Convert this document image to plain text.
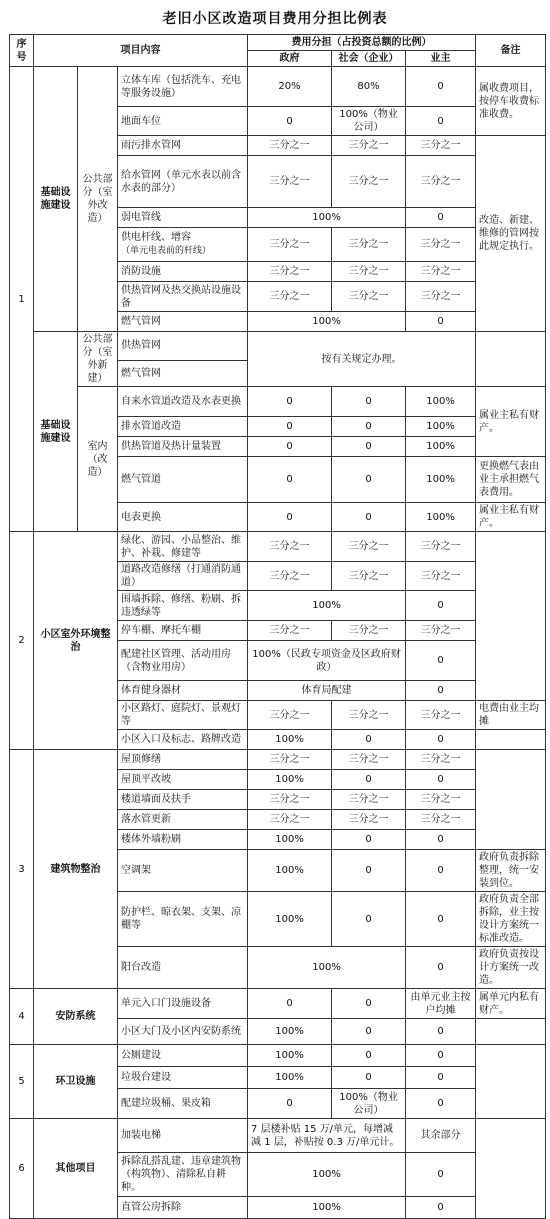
老旧小区改造项目费用分担比例表
序号	项目内容			费用分担（占投资总额的比例）			备注
				政府	社会（企业）	业主	
1	基础设施建设	公共部分（室外改造）	立体车库（包括洗车、充电等服务设施）	20%	80%	0	属收费项目，按停车收费标准收费。
			地面车位	0	100%（物业公司）	0	
			雨污排水管网	三分之一	三分之一	三分之一	改造、新建、维修的管网按此规定执行。
			给水管网（单元水表以前含水表的部分）	三分之一	三分之一	三分之一	
			弱电管线	100%		0	
			供电杆线、增容
（单元电表前的杆线）	三分之一	三分之一	三分之一	
			消防设施	三分之一	三分之一	三分之一	
			供热管网及热交换站设施设备	三分之一	三分之一	三分之一	
			燃气管网	100%		0	
	基础设施建设	公共部分（室外新建）	供热管网	按有关规定办理。			
			燃气管网				
		室内（改造）	自来水管道改造及水表更换	0	0	100%	属业主私有财产。
			排水管道改造	0	0	100%	
			供热管道及热计量装置	0	0	100%	
			燃气管道	0	0	100%	更换燃气表由业主承担燃气表费用。
			电表更换	0	0	100%	属业主私有财产。
2	小区室外环境整治		绿化、游园、小品整治、维护、补栽、修建等	三分之一	三分之一	三分之一	
			道路改造修缮（打通消防通道）	三分之一	三分之一	三分之一	
			围墙拆除、修缮、粉刷、拆违透绿等	100%		0	
			停车棚、摩托车棚	三分之一	三分之一	三分之一	
			配建社区管理、活动用房（含物业用房）	100%（民政专项资金及区政府财政）		0	
			体育健身器材	体育局配建		0	
			小区路灯、庭院灯、景观灯等	三分之一	三分之一	三分之一	电费由业主均摊
			小区入口及标志、路牌改造	100%	0	0	
3	建筑物整治		屋顶修缮	三分之一	三分之一	三分之一	
			屋顶平改坡	100%	0	0	
			楼道墙面及扶手	三分之一	三分之一	三分之一	
			落水管更新	三分之一	三分之一	三分之一	
			楼体外墙粉刷	100%	0	0	
			空调架	100%	0	0	政府负责拆除整理，统一安装到位。
			防护栏、晾衣架、支架、凉棚等	100%	0	0	政府负责全部拆除，业主按设计方案统一标准改造。
			阳台改造	100%		0	政府负责按设计方案统一改造。
4	安防系统		单元入口门设施设备	0	0	由单元业主按户均摊	属单元内私有财产。
			小区大门及小区内安防系统	100%	0	0	
5	环卫设施		公厕建设	100%	0	0	
			垃圾台建设	100%	0	0	
			配建垃圾桶、果皮箱	0	100%（物业公司）	0	
6	其他项目		加装电梯	7 层楼补贴 15 万/单元，每增减减 1 层，补贴按 0.3 万/单元计。		其余部分	
			拆除乱搭乱建、违章建筑物（构筑物）、清除私自耕种。	100%		0	
			直管公房拆除	100%		0	
